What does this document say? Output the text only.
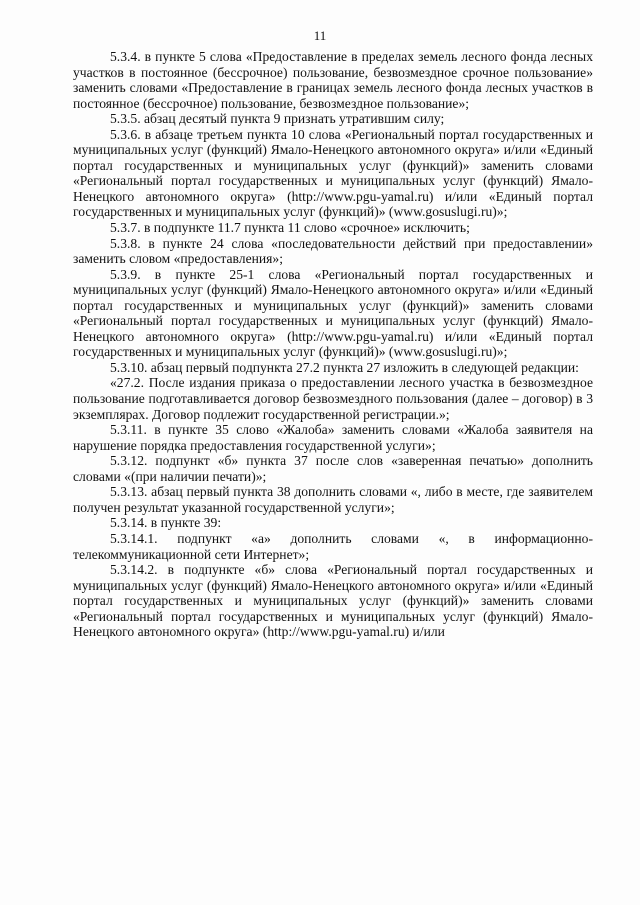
11

5.3.4. в пункте 5 слова «Предоставление в пределах земель лесного фонда лесных участков в постоянное (бессрочное) пользование, безвозмездное срочное пользование» заменить словами «Предоставление в границах земель лесного фонда лесных участков в постоянное (бессрочное) пользование, безвозмездное пользование»;

5.3.5. абзац десятый пункта 9 признать утратившим силу;

5.3.6. в абзаце третьем пункта 10 слова «Региональный портал государственных и муниципальных услуг (функций) Ямало-Ненецкого автономного округа» и/или «Единый портал государственных и муниципальных услуг (функций)» заменить словами «Региональный портал государственных и муниципальных услуг (функций) Ямало-Ненецкого автономного округа» (http://www.pgu-yamal.ru) и/или «Единый портал государственных и муниципальных услуг (функций)» (www.gosuslugi.ru)»;

5.3.7. в подпункте 11.7 пункта 11 слово «срочное» исключить;

5.3.8. в пункте 24 слова «последовательности действий при предоставлении» заменить словом «предоставления»;

5.3.9. в пункте 25-1 слова «Региональный портал государственных и муниципальных услуг (функций) Ямало-Ненецкого автономного округа» и/или «Единый портал государственных и муниципальных услуг (функций)» заменить словами «Региональный портал государственных и муниципальных услуг (функций) Ямало-Ненецкого автономного округа» (http://www.pgu-yamal.ru) и/или «Единый портал государственных и муниципальных услуг (функций)» (www.gosuslugi.ru)»;

5.3.10. абзац первый подпункта 27.2 пункта 27 изложить в следующей редакции:

«27.2. После издания приказа о предоставлении лесного участка в безвозмездное пользование подготавливается договор безвозмездного пользования (далее – договор) в 3 экземплярах. Договор подлежит государственной регистрации.»;

5.3.11. в пункте 35 слово «Жалоба» заменить словами «Жалоба заявителя на нарушение порядка предоставления государственной услуги»;

5.3.12. подпункт «б» пункта 37 после слов «заверенная печатью» дополнить словами «(при наличии печати)»;

5.3.13. абзац первый пункта 38 дополнить словами «, либо в месте, где заявителем получен результат указанной государственной услуги»;

5.3.14. в пункте 39:

5.3.14.1. подпункт «а» дополнить словами «, в информационно-телекоммуникационной сети Интернет»;

5.3.14.2. в подпункте «б» слова «Региональный портал государственных и муниципальных услуг (функций) Ямало-Ненецкого автономного округа» и/или «Единый портал государственных и муниципальных услуг (функций)» заменить словами «Региональный портал государственных и муниципальных услуг (функций) Ямало-Ненецкого автономного округа» (http://www.pgu-yamal.ru) и/или
